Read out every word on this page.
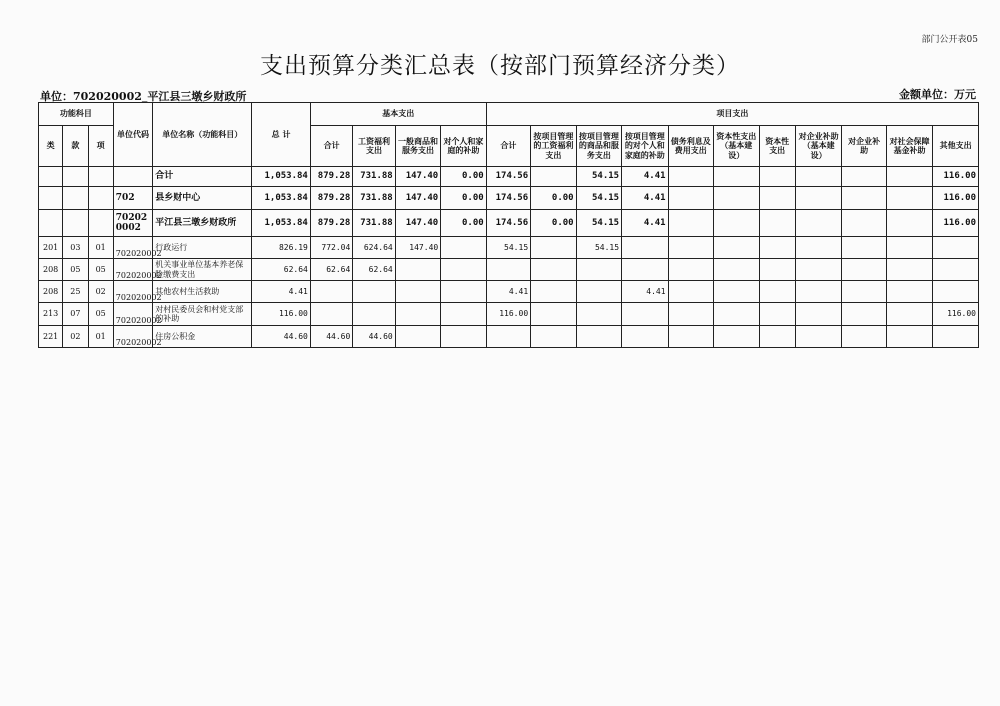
部门公开表05
支出预算分类汇总表（按部门预算经济分类）
单位：702020002_平江县三墩乡财政所	金额单位：万元
功能科目			单位代码	单位名称（功能科目）	总 计	基本支出				项目支出										
类	款	项				合计	工资福利支出	一般商品和服务支出	对个人和家庭的补助	合计	按项目管理的工资福利支出	按项目管理的商品和服务支出	按项目管理的对个人和家庭的补助	债务利息及费用支出	资本性支出（基本建设）	资本性支出	对企业补助（基本建设）	对企业补助	对社会保障基金补助	其他支出
				合计	1,053.84	879.28	731.88	147.40	0.00	174.56		54.15	4.41							116.00
			702	县乡财中心	1,053.84	879.28	731.88	147.40	0.00	174.56	0.00	54.15	4.41							116.00
			702020002	平江县三墩乡财政所	1,053.84	879.28	731.88	147.40	0.00	174.56	0.00	54.15	4.41							116.00
201	03	01	702020002	行政运行	826.19	772.04	624.64	147.40		54.15		54.15								
208	05	05	702020002	机关事业单位基本养老保险缴费支出	62.64	62.64	62.64													
208	25	02	702020002	其他农村生活救助	4.41					4.41			4.41							
213	07	05	702020002	对村民委员会和村党支部的补助	116.00					116.00										116.00
221	02	01	702020002	住房公积金	44.60	44.60	44.60													
